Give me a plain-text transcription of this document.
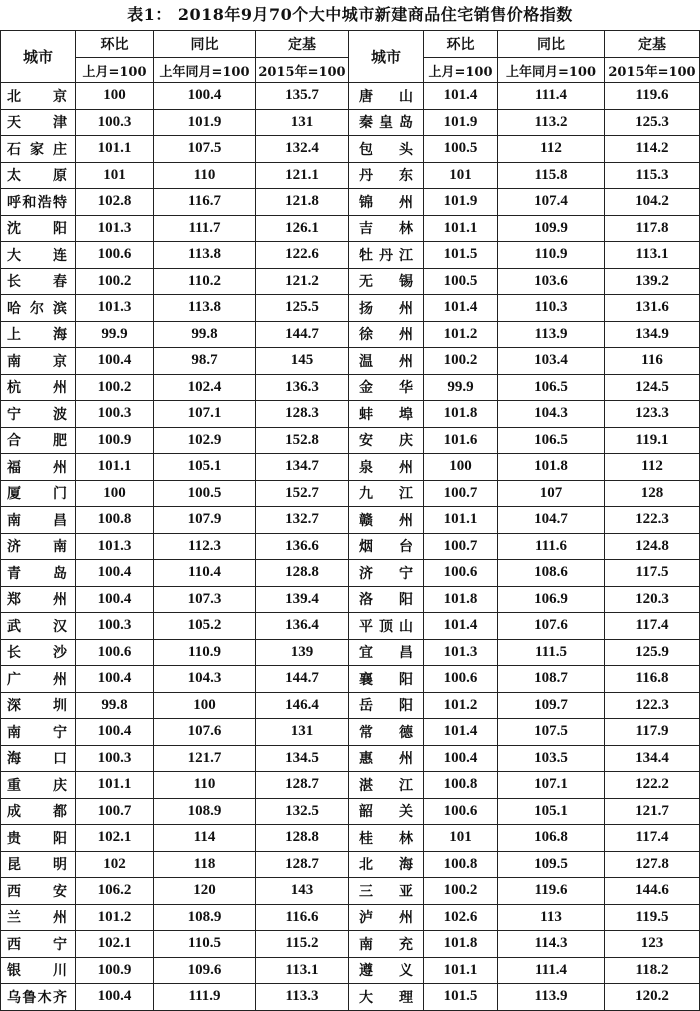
表1： 2018年9月70个大中城市新建商品住宅销售价格指数
城市	环比	同比	定基	城市	环比	同比	定基
	上月=100	上年同月=100	2015年=100		上月=100	上年同月=100	2015年=100
北京	100	100.4	135.7	唐山	101.4	111.4	119.6
天津	100.3	101.9	131	秦皇岛	101.9	113.2	125.3
石家庄	101.1	107.5	132.4	包头	100.5	112	114.2
太原	101	110	121.1	丹东	101	115.8	115.3
呼和浩特	102.8	116.7	121.8	锦州	101.9	107.4	104.2
沈阳	101.3	111.7	126.1	吉林	101.1	109.9	117.8
大连	100.6	113.8	122.6	牡丹江	101.5	110.9	113.1
长春	100.2	110.2	121.2	无锡	100.5	103.6	139.2
哈尔滨	101.3	113.8	125.5	扬州	101.4	110.3	131.6
上海	99.9	99.8	144.7	徐州	101.2	113.9	134.9
南京	100.4	98.7	145	温州	100.2	103.4	116
杭州	100.2	102.4	136.3	金华	99.9	106.5	124.5
宁波	100.3	107.1	128.3	蚌埠	101.8	104.3	123.3
合肥	100.9	102.9	152.8	安庆	101.6	106.5	119.1
福州	101.1	105.1	134.7	泉州	100	101.8	112
厦门	100	100.5	152.7	九江	100.7	107	128
南昌	100.8	107.9	132.7	赣州	101.1	104.7	122.3
济南	101.3	112.3	136.6	烟台	100.7	111.6	124.8
青岛	100.4	110.4	128.8	济宁	100.6	108.6	117.5
郑州	100.4	107.3	139.4	洛阳	101.8	106.9	120.3
武汉	100.3	105.2	136.4	平顶山	101.4	107.6	117.4
长沙	100.6	110.9	139	宜昌	101.3	111.5	125.9
广州	100.4	104.3	144.7	襄阳	100.6	108.7	116.8
深圳	99.8	100	146.4	岳阳	101.2	109.7	122.3
南宁	100.4	107.6	131	常德	101.4	107.5	117.9
海口	100.3	121.7	134.5	惠州	100.4	103.5	134.4
重庆	101.1	110	128.7	湛江	100.8	107.1	122.2
成都	100.7	108.9	132.5	韶关	100.6	105.1	121.7
贵阳	102.1	114	128.8	桂林	101	106.8	117.4
昆明	102	118	128.7	北海	100.8	109.5	127.8
西安	106.2	120	143	三亚	100.2	119.6	144.6
兰州	101.2	108.9	116.6	泸州	102.6	113	119.5
西宁	102.1	110.5	115.2	南充	101.8	114.3	123
银川	100.9	109.6	113.1	遵义	101.1	111.4	118.2
乌鲁木齐	100.4	111.9	113.3	大理	101.5	113.9	120.2
